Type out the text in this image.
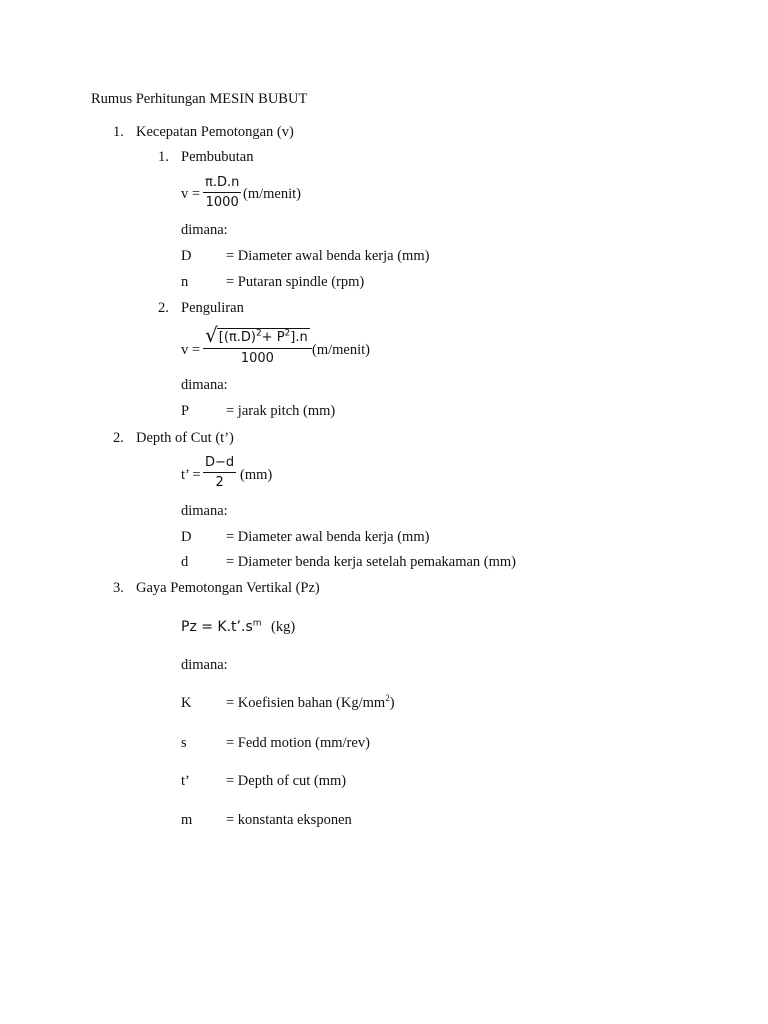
Rumus Perhitungan MESIN BUBUT
1. Kecepatan Pemotongan (v)
1. Pembubutan
v =
π.D.n
1000
(m/menit)
dimana:
D = Diameter awal benda kerja (mm)
n	= Putaran spindle (rpm)
2. Penguliran
v =
√ $[(\pi.D)^2+ P^2].n$
1000
(m/menit)
dimana:
P	= jarak pitch (mm)
2. Depth of Cut (t’)
t’ =
D−d
2	(mm)
dimana:
D = Diameter awal benda kerja (mm)
d	= Diameter benda kerja setelah pemakaman (mm)
3. Gaya Pemotongan Vertikal (Pz)
$Pz = K.t’.s^m$ (kg)
dimana:
K = Koefisien bahan $(Kg/mm^2)$
s	= Fedd motion (mm/rev)
t’ = Depth of cut (mm)
m = konstanta eksponen
